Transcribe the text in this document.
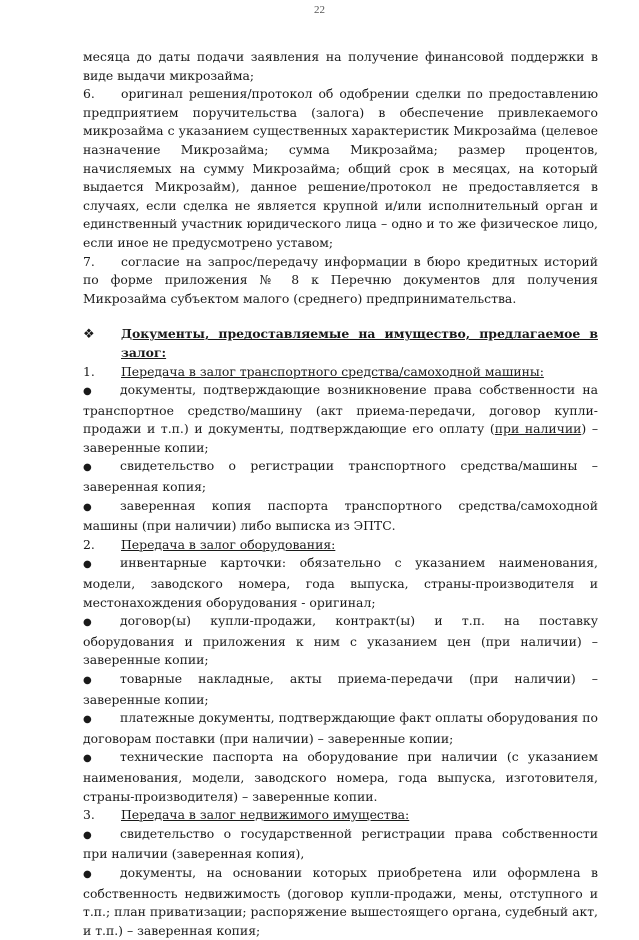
22

месяца до даты подачи заявления на получение финансовой поддержки в виде выдачи микрозайма;

6. оригинал решения/протокол об одобрении сделки по предоставлению предприятием поручительства (залога) в обеспечение привлекаемого микрозайма с указанием существенных характеристик Микрозайма (целевое назначение Микрозайма; сумма Микрозайма; размер процентов, начисляемых на сумму Микрозайма; общий срок в месяцах, на который выдается Микрозайм), данное решение/протокол не предоставляется в случаях, если сделка не является крупной и/или исполнительный орган и единственный участник юридического лица – одно и то же физическое лицо, если иное не предусмотрено уставом;

7. согласие на запрос/передачу информации в бюро кредитных историй по форме приложения № 8 к Перечню документов для получения Микрозайма субъектом малого (среднего) предпринимательства.

❖	Документы, предоставляемые на имущество, предлагаемое в залог:
1.	Передача в залог транспортного средства/самоходной машины:

● документы, подтверждающие возникновение права собственности на транспортное средство/машину (акт приема-передачи, договор купли-продажи и т.п.) и документы, подтверждающие его оплату (при наличии) – заверенные копии;

● свидетельство о регистрации транспортного средства/машины – заверенная копия;

● заверенная копия паспорта транспортного средства/самоходной машины (при наличии) либо выписка из ЭПТС.

2.	Передача в залог оборудования:

● инвентарные карточки: обязательно с указанием наименования, модели, заводского номера, года выпуска, страны-производителя и местонахождения оборудования - оригинал;

● договор(ы) купли-продажи, контракт(ы) и т.п. на поставку оборудования и приложения к ним с указанием цен (при наличии) – заверенные копии;

● товарные накладные, акты приема-передачи (при наличии) – заверенные копии;

● платежные документы, подтверждающие факт оплаты оборудования по договорам поставки (при наличии) – заверенные копии;

● технические паспорта на оборудование при наличии (с указанием наименования, модели, заводского номера, года выпуска, изготовителя, страны-производителя) – заверенные копии.

3.	Передача в залог недвижимого имущества:

● свидетельство о государственной регистрации права собственности при наличии (заверенная копия),

● документы, на основании которых приобретена или оформлена в собственность недвижимость (договор купли-продажи, мены, отступного и т.п.; план приватизации; распоряжение вышестоящего органа, судебный акт, и т.п.) – заверенная копия;
